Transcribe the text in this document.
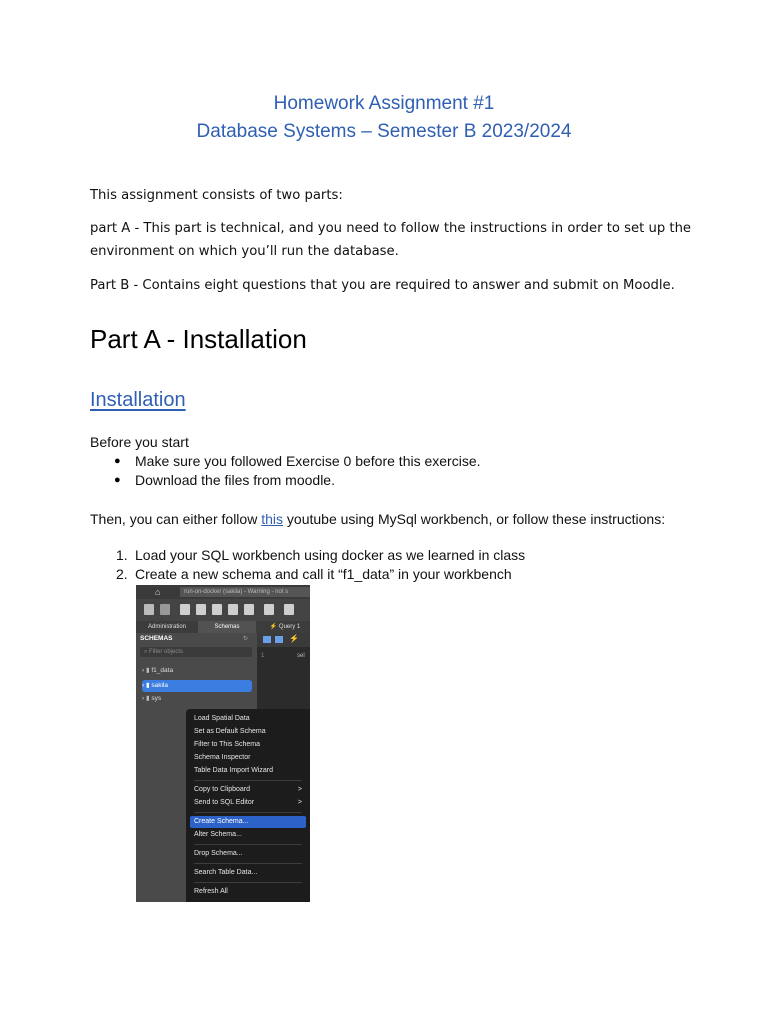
Homework Assignment #1
Database Systems – Semester B 2023/2024
This assignment consists of two parts:
part A - This part is technical, and you need to follow the instructions in order to set up the
environment on which you’ll run the database.
Part B - Contains eight questions that you are required to answer and submit on Moodle.
Part A - Installation
Installation
Before you start
● Make sure you followed Exercise 0 before this exercise.
● Download the files from moodle.
Then, you can either follow this youtube using MySql workbench, or follow these instructions:
1. Load your SQL workbench using docker as we learned in class
2. Create a new schema and call it “f1_data” in your workbench
⌂	run-on-docker (sakila) - Warning - not s
Administration	Schemas	⚡ Query 1
SCHEMAS	↻
⌕ Filter objects
› ▮ f1_data
› ▮ sakila
› ▮ sys
⚡
1	sel
Load Spatial Data
Set as Default Schema
Filter to This Schema
Schema Inspector
Table Data Import Wizard
Copy to Clipboard	>
Send to SQL Editor	>
Create Schema...
Alter Schema...
Drop Schema...
Search Table Data...
Refresh All
